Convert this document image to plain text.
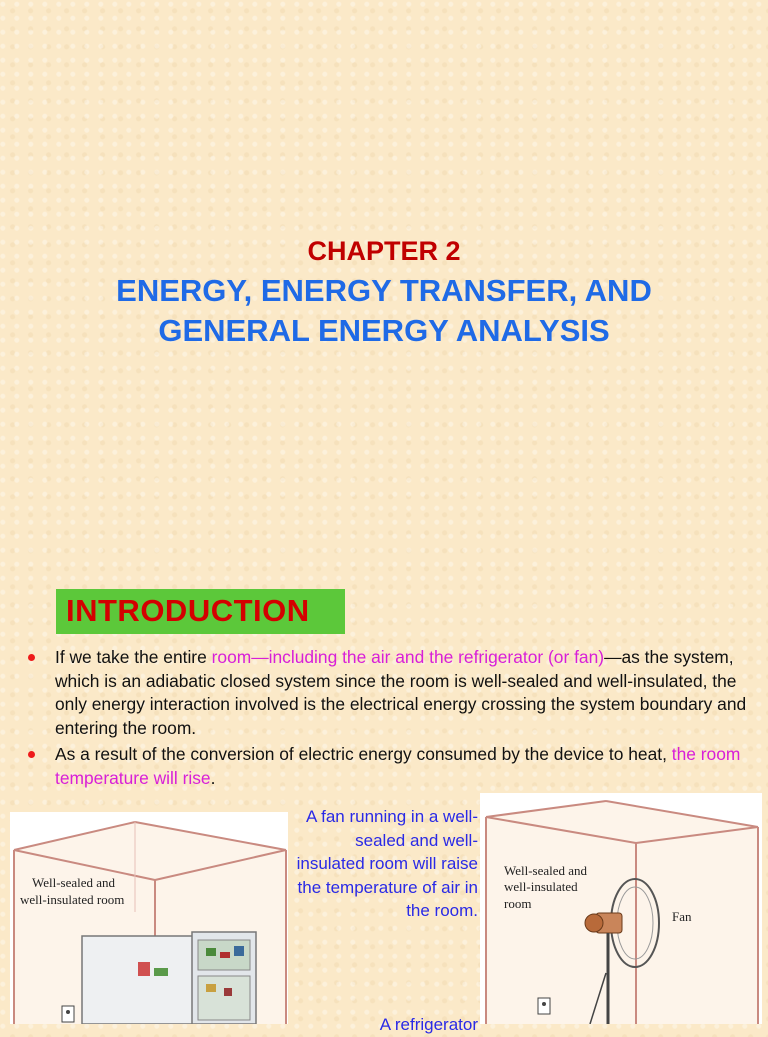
CHAPTER 2
ENERGY, ENERGY TRANSFER, AND
GENERAL ENERGY ANALYSIS
INTRODUCTION
If we take the entire room—including the air and the refrigerator (or fan)—as the system, which is an adiabatic closed system since the room is well-sealed and well-insulated, the only energy interaction involved is the electrical energy crossing the system boundary and entering the room.
As a result of the conversion of electric energy consumed by the device to heat, the room temperature will rise.
A fan running in a well-sealed and well-insulated room will raise the temperature of air in the room.
A refrigerator
Well-sealed and
well-insulated room
Well-sealed and
well-insulated
room
Fan
